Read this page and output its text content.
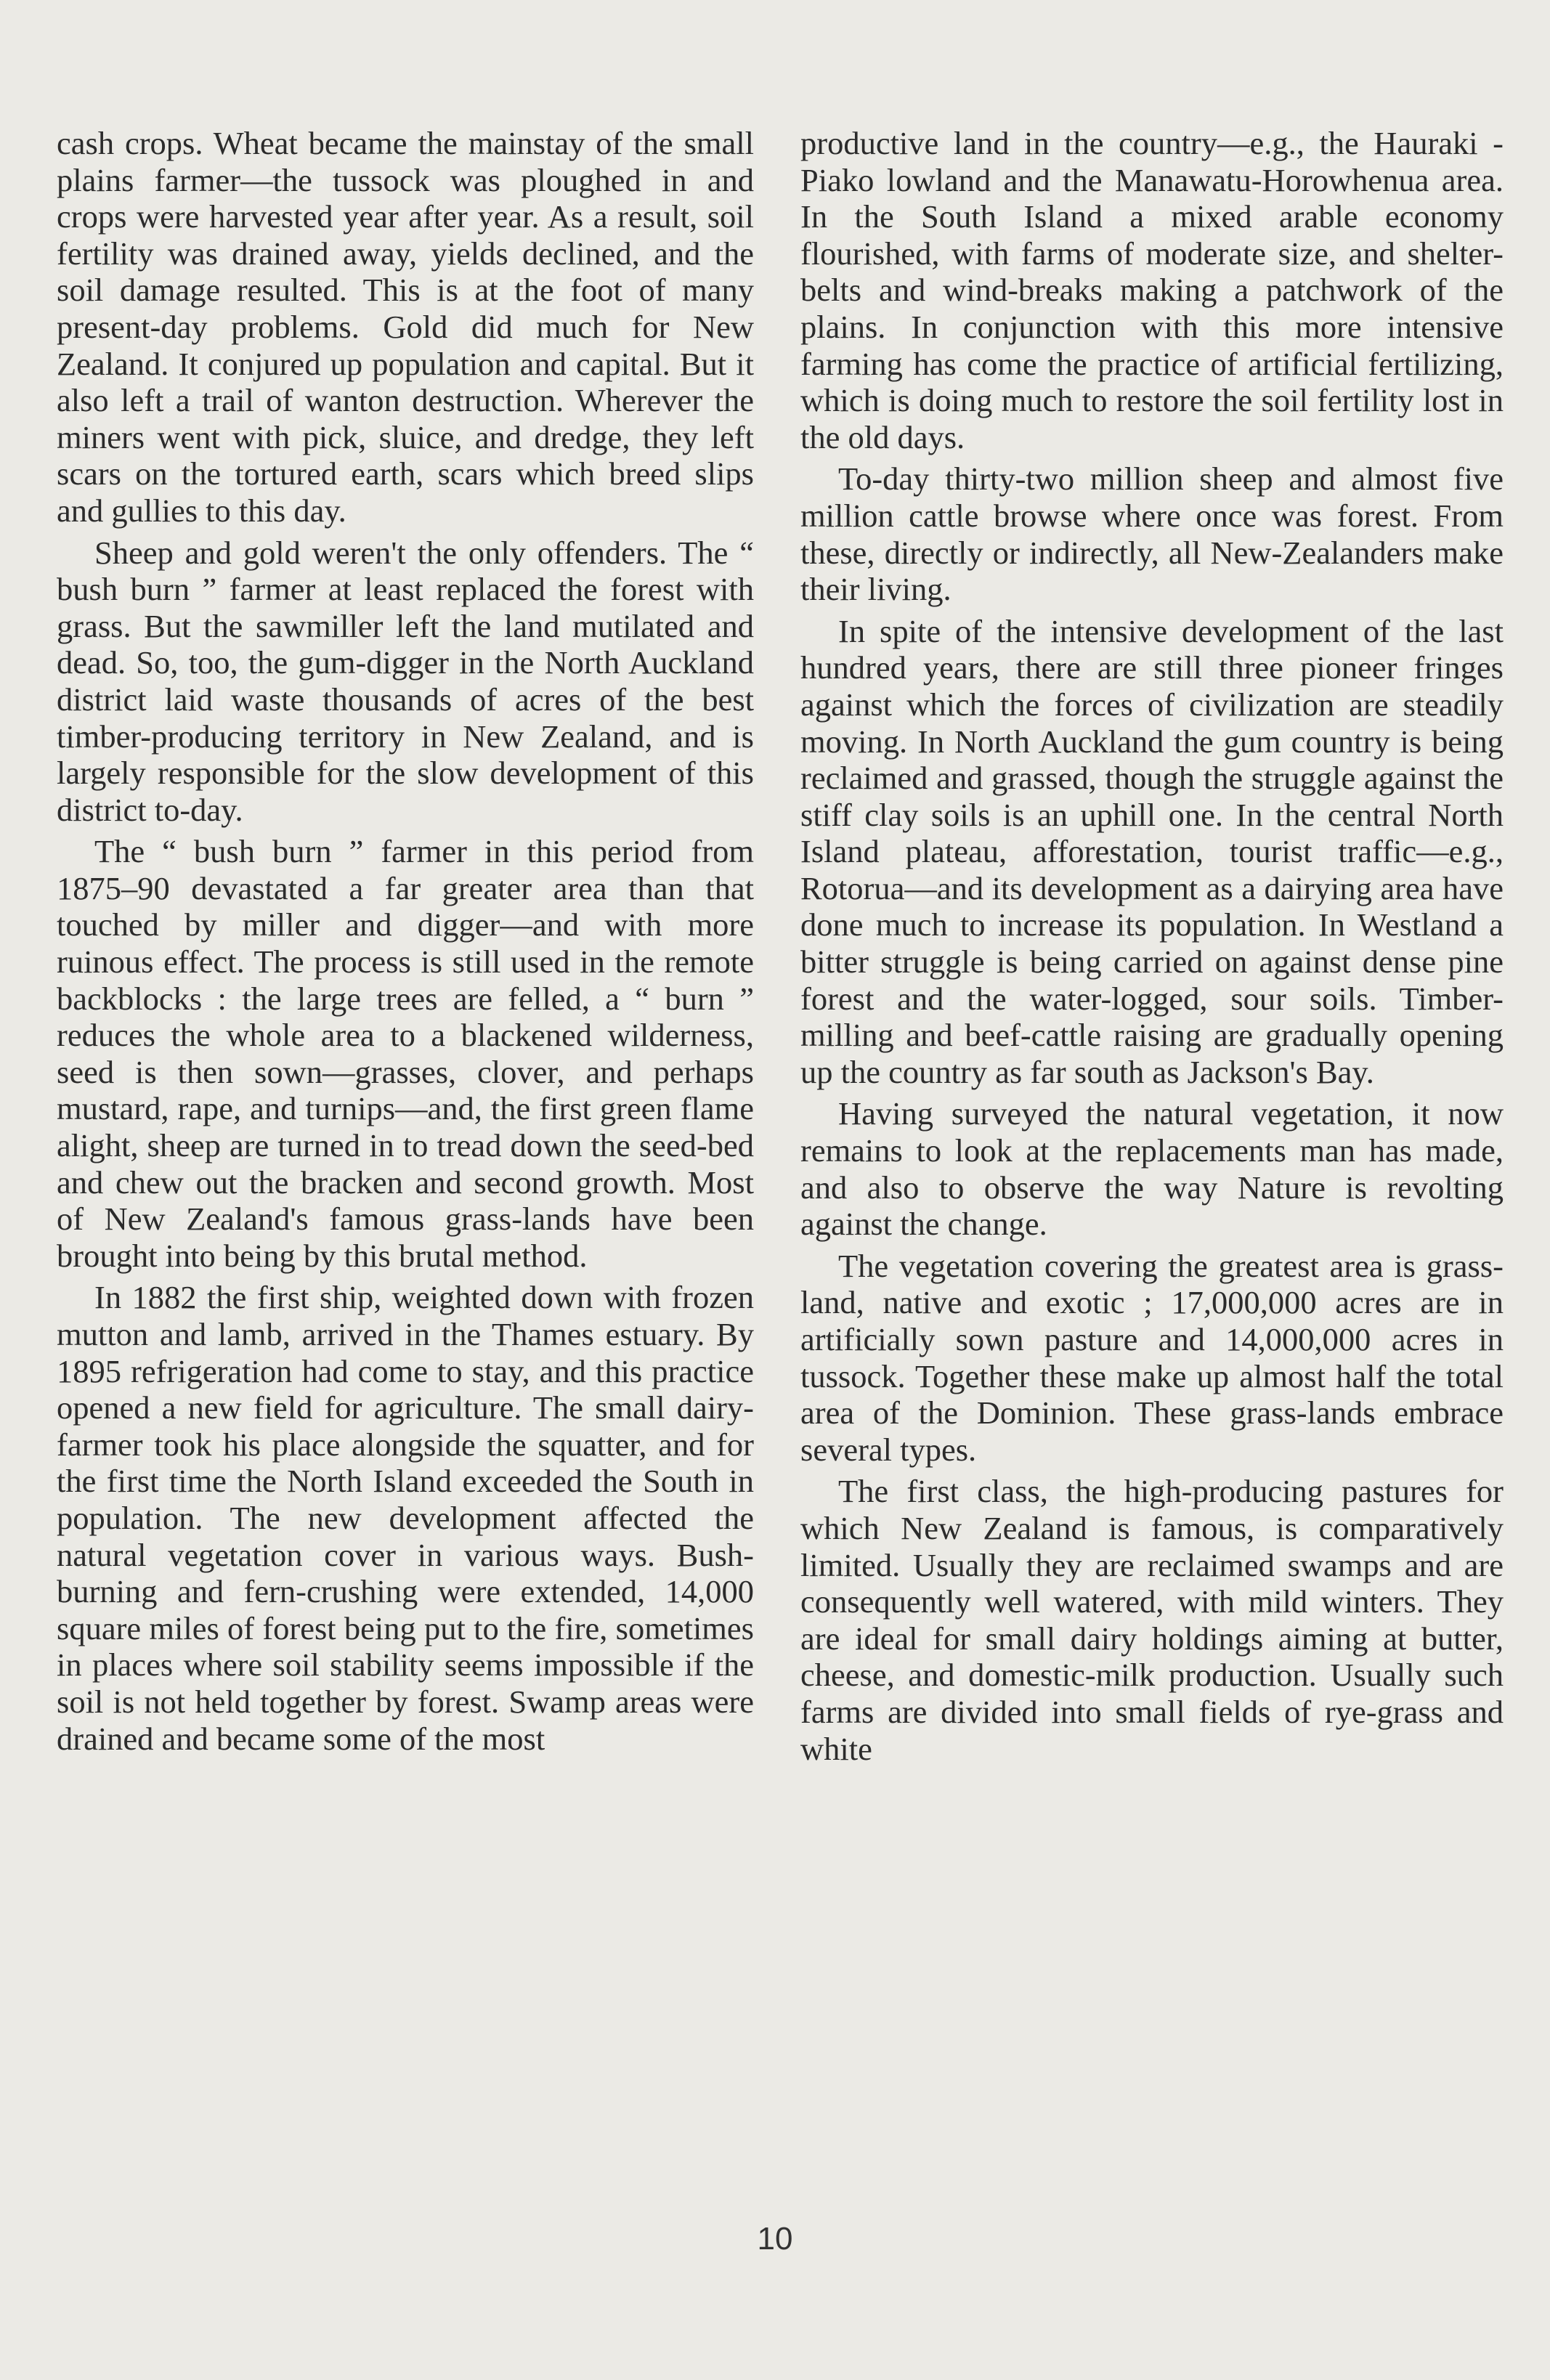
cash crops. Wheat became the mainstay of the small plains farmer—the tussock was ploughed in and crops were harvested year after year. As a result, soil fertility was drained away, yields declined, and the soil damage resulted. This is at the foot of many present-day problems. Gold did much for New Zealand. It conjured up population and capital. But it also left a trail of wanton destruction. Wherever the miners went with pick, sluice, and dredge, they left scars on the tortured earth, scars which breed slips and gullies to this day.

Sheep and gold weren't the only offenders. The “ bush burn ” farmer at least replaced the forest with grass. But the sawmiller left the land mutilated and dead. So, too, the gum-digger in the North Auckland district laid waste thousands of acres of the best timber-producing territory in New Zealand, and is largely responsible for the slow development of this district to-day.

The “ bush burn ” farmer in this period from 1875–90 devastated a far greater area than that touched by miller and digger—and with more ruinous effect. The process is still used in the remote backblocks : the large trees are felled, a “ burn ” reduces the whole area to a blackened wilderness, seed is then sown—grasses, clover, and perhaps mustard, rape, and turnips—and, the first green flame alight, sheep are turned in to tread down the seed-bed and chew out the bracken and second growth. Most of New Zealand's famous grass-lands have been brought into being by this brutal method.

In 1882 the first ship, weighted down with frozen mutton and lamb, arrived in the Thames estuary. By 1895 refrigeration had come to stay, and this practice opened a new field for agriculture. The small dairy-farmer took his place alongside the squatter, and for the first time the North Island exceeded the South in population. The new development affected the natural vegetation cover in various ways. Bush-burning and fern-crushing were extended, 14,000 square miles of forest being put to the fire, sometimes in places where soil stability seems impossible if the soil is not held together by forest. Swamp areas were drained and became some of the most

productive land in the country—e.g., the Hauraki - Piako lowland and the Manawatu-Horowhenua area. In the South Island a mixed arable economy flourished, with farms of moderate size, and shelter-belts and wind-breaks making a patchwork of the plains. In conjunction with this more intensive farming has come the practice of artificial fertilizing, which is doing much to restore the soil fertility lost in the old days.

To-day thirty-two million sheep and almost five million cattle browse where once was forest. From these, directly or indirectly, all New-Zealanders make their living.

In spite of the intensive development of the last hundred years, there are still three pioneer fringes against which the forces of civilization are steadily moving. In North Auckland the gum country is being reclaimed and grassed, though the struggle against the stiff clay soils is an uphill one. In the central North Island plateau, afforestation, tourist traffic—e.g., Rotorua—and its development as a dairying area have done much to increase its population. In Westland a bitter struggle is being carried on against dense pine forest and the water-logged, sour soils. Timber-milling and beef-cattle raising are gradually opening up the country as far south as Jackson's Bay.

Having surveyed the natural vegetation, it now remains to look at the replacements man has made, and also to observe the way Nature is revolting against the change.

The vegetation covering the greatest area is grass-land, native and exotic ; 17,000,000 acres are in artificially sown pasture and 14,000,000 acres in tussock. Together these make up almost half the total area of the Dominion. These grass-lands embrace several types.

The first class, the high-producing pastures for which New Zealand is famous, is comparatively limited. Usually they are reclaimed swamps and are consequently well watered, with mild winters. They are ideal for small dairy holdings aiming at butter, cheese, and domestic-milk production. Usually such farms are divided into small fields of rye-grass and white

10
